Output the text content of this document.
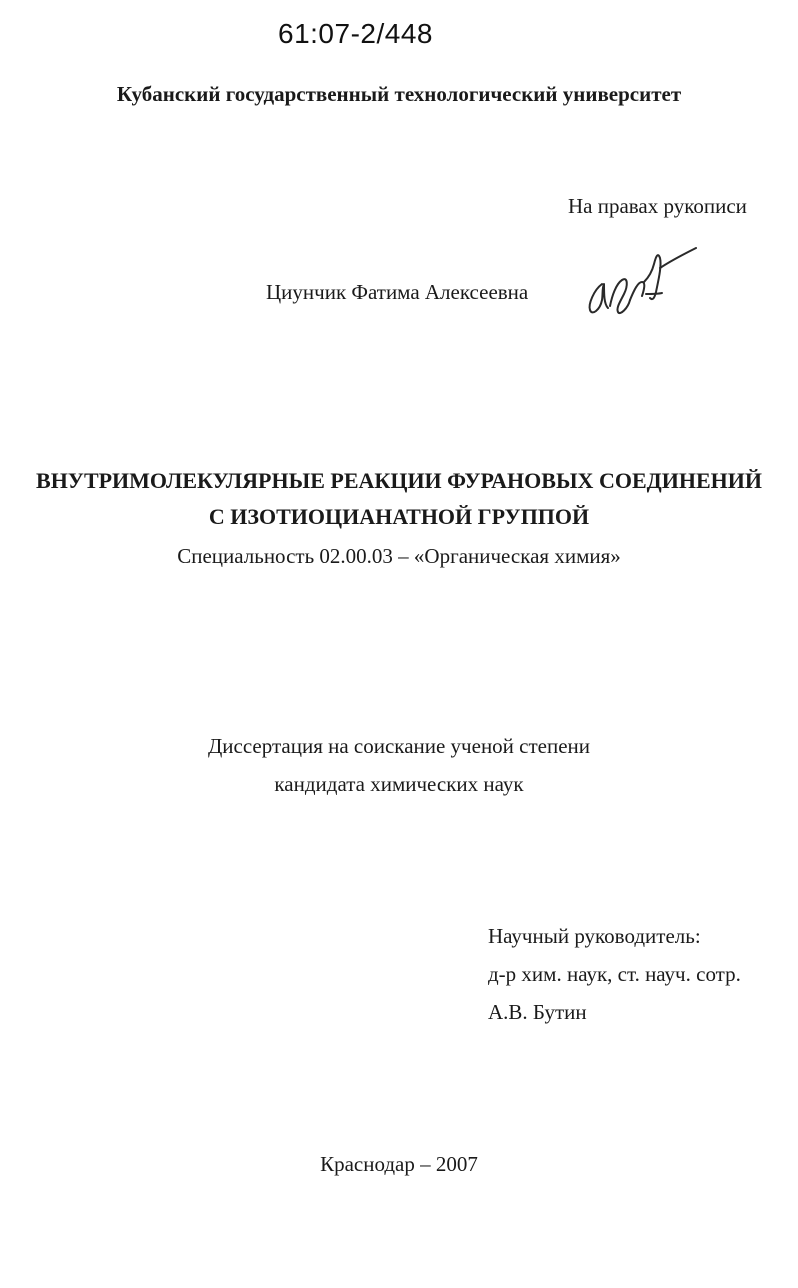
61:07-2/448
Кубанский государственный технологический университет
На правах рукописи
Циунчик Фатима Алексеевна
ВНУТРИМОЛЕКУЛЯРНЫЕ РЕАКЦИИ ФУРАНОВЫХ СОЕДИНЕНИЙ
С ИЗОТИОЦИАНАТНОЙ ГРУППОЙ
Специальность 02.00.03 – «Органическая химия»
Диссертация на соискание ученой степени
кандидата химических наук
Научный руководитель:
д-р хим. наук, ст. науч. сотр.
А.В. Бутин
Краснодар – 2007
